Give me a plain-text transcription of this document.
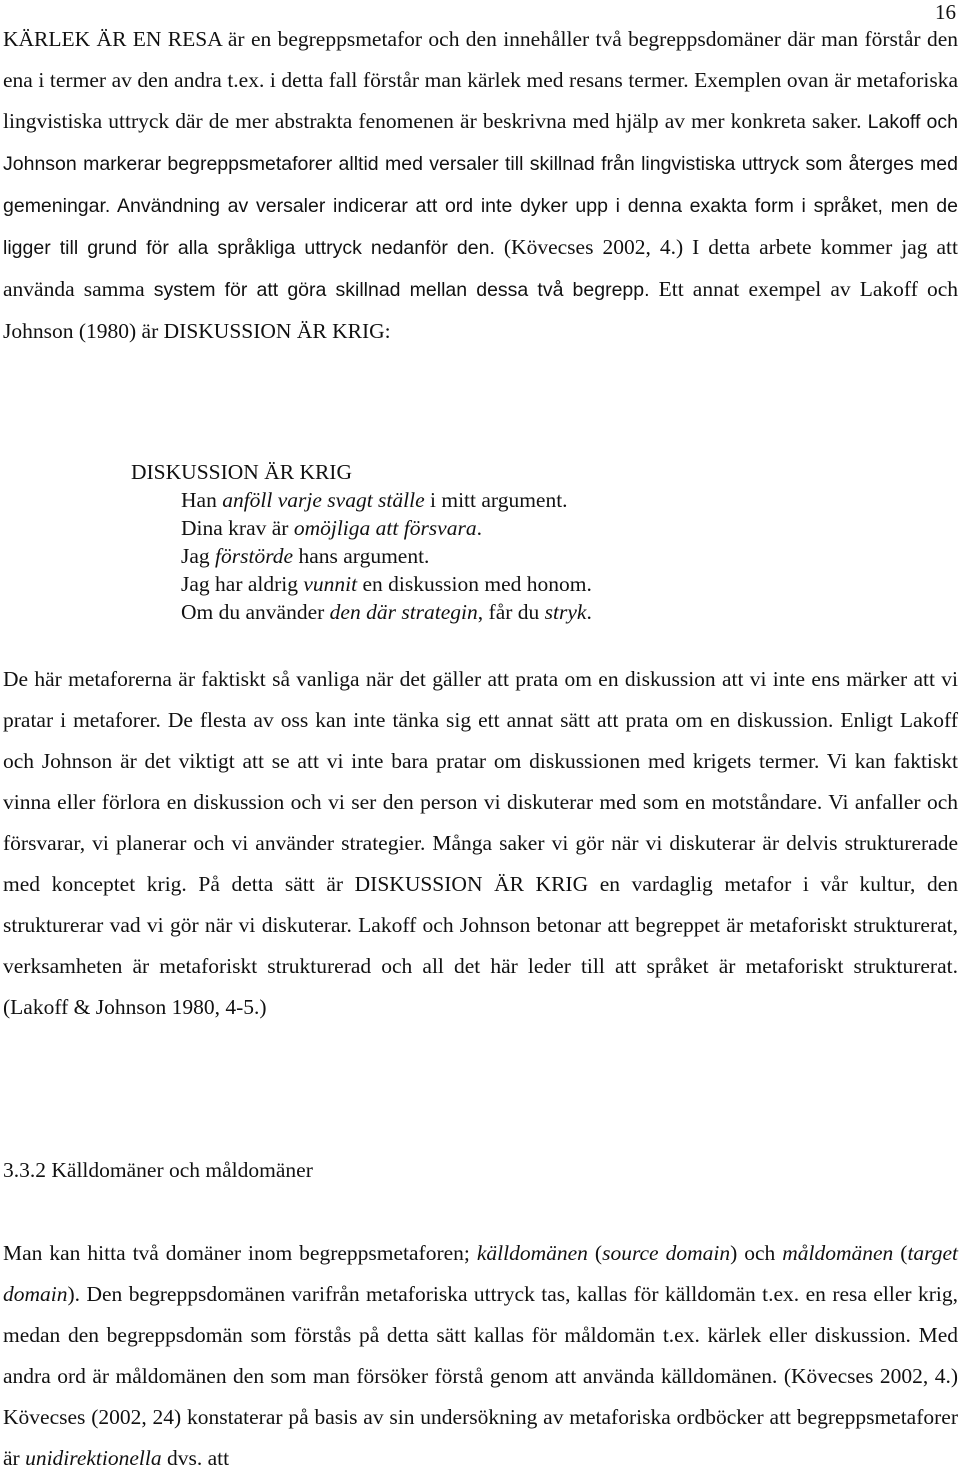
16

KÄRLEK ÄR EN RESA är en begreppsmetafor och den innehåller två begreppsdomäner där man förstår den ena i termer av den andra t.ex. i detta fall förstår man kärlek med resans termer. Exemplen ovan är metaforiska lingvistiska uttryck där de mer abstrakta fenomenen är beskrivna med hjälp av mer konkreta saker. Lakoff och Johnson markerar begreppsmetaforer alltid med versaler till skillnad från lingvistiska uttryck som återges med gemeningar. Användning av versaler indicerar att ord inte dyker upp i denna exakta form i språket, men de ligger till grund för alla språkliga uttryck nedanför den. (Kövecses 2002, 4.) I detta arbete kommer jag att använda samma system för att göra skillnad mellan dessa två begrepp. Ett annat exempel av Lakoff och Johnson (1980) är DISKUSSION ÄR KRIG:

DISKUSSION ÄR KRIG
Han anföll varje svagt ställe i mitt argument.
Dina krav är omöjliga att försvara.
Jag förstörde hans argument.
Jag har aldrig vunnit en diskussion med honom.
Om du använder den där strategin, får du stryk.

De här metaforerna är faktiskt så vanliga när det gäller att prata om en diskussion att vi inte ens märker att vi pratar i metaforer. De flesta av oss kan inte tänka sig ett annat sätt att prata om en diskussion. Enligt Lakoff och Johnson är det viktigt att se att vi inte bara pratar om diskussionen med krigets termer. Vi kan faktiskt vinna eller förlora en diskussion och vi ser den person vi diskuterar med som en motståndare. Vi anfaller och försvarar, vi planerar och vi använder strategier. Många saker vi gör när vi diskuterar är delvis strukturerade med konceptet krig. På detta sätt är DISKUSSION ÄR KRIG en vardaglig metafor i vår kultur, den strukturerar vad vi gör när vi diskuterar. Lakoff och Johnson betonar att begreppet är metaforiskt strukturerat, verksamheten är metaforiskt strukturerad och all det här leder till att språket är metaforiskt strukturerat. (Lakoff & Johnson 1980, 4-5.)

3.3.2 Källdomäner och måldomäner

Man kan hitta två domäner inom begreppsmetaforen; källdomänen (source domain) och måldomänen (target domain). Den begreppsdomänen varifrån metaforiska uttryck tas, kallas för källdomän t.ex. en resa eller krig, medan den begreppsdomän som förstås på detta sätt kallas för måldomän t.ex. kärlek eller diskussion. Med andra ord är måldomänen den som man försöker förstå genom att använda källdomänen. (Kövecses 2002, 4.) Kövecses (2002, 24) konstaterar på basis av sin undersökning av metaforiska ordböcker att begreppsmetaforer är unidirektionella dvs. att
